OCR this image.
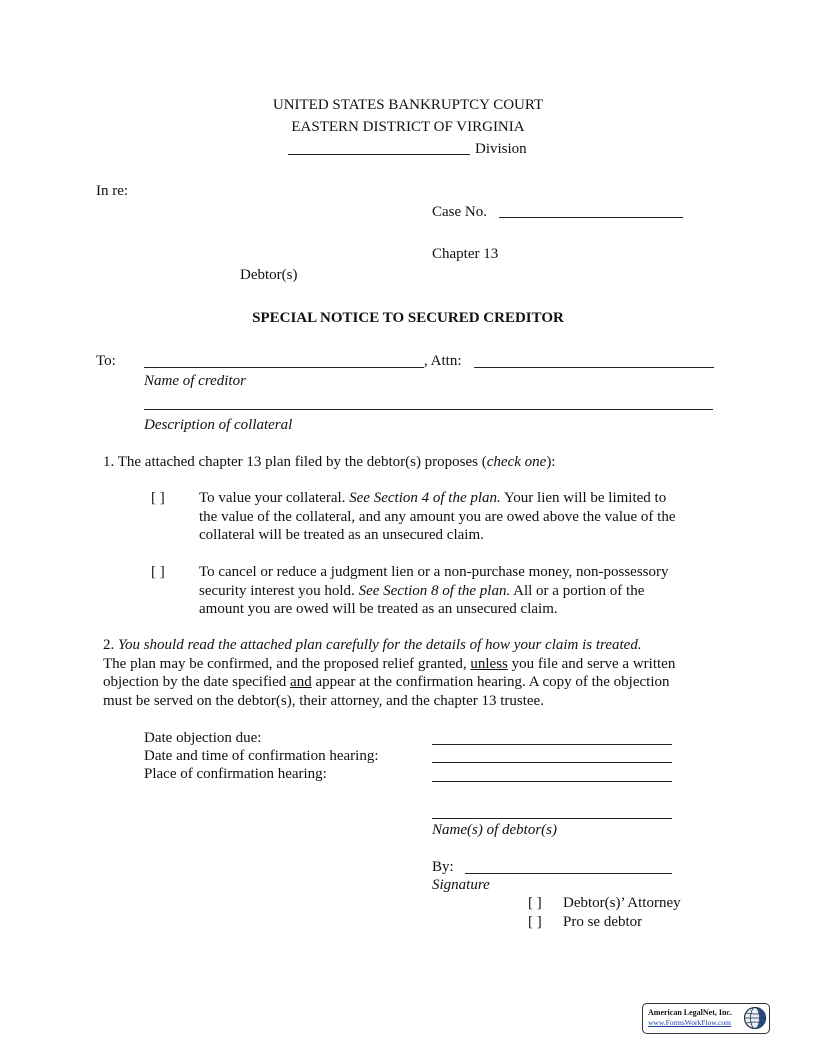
UNITED STATES BANKRUPTCY COURT
EASTERN DISTRICT OF VIRGINIA
Division
In re:
Case No.
Chapter 13
Debtor(s)
SPECIAL NOTICE TO SECURED CREDITOR
To:	, Attn:
Name of creditor
Description of collateral
1. The attached chapter 13 plan filed by the debtor(s) proposes (check one):
[ ] To value your collateral. See Section 4 of the plan. Your lien will be limited to

the value of the collateral, and any amount you are owed above the value of the

collateral will be treated as an unsecured claim.

[ ] To cancel or reduce a judgment lien or a non-purchase money, non-possessory

security interest you hold. See Section 8 of the plan. All or a portion of the

amount you are owed will be treated as an unsecured claim.

2. You should read the attached plan carefully for the details of how your claim is treated.

The plan may be confirmed, and the proposed relief granted, unless you file and serve a written

objection by the date specified and appear at the confirmation hearing. A copy of the objection

must be served on the debtor(s), their attorney, and the chapter 13 trustee.

Date objection due:
Date and time of confirmation hearing:
Place of confirmation hearing:
Name(s) of debtor(s)
By:
Signature
[ ] Debtor(s)’ Attorney
[ ] Pro se debtor
American LegalNet, Inc.
www.FormsWorkFlow.com
